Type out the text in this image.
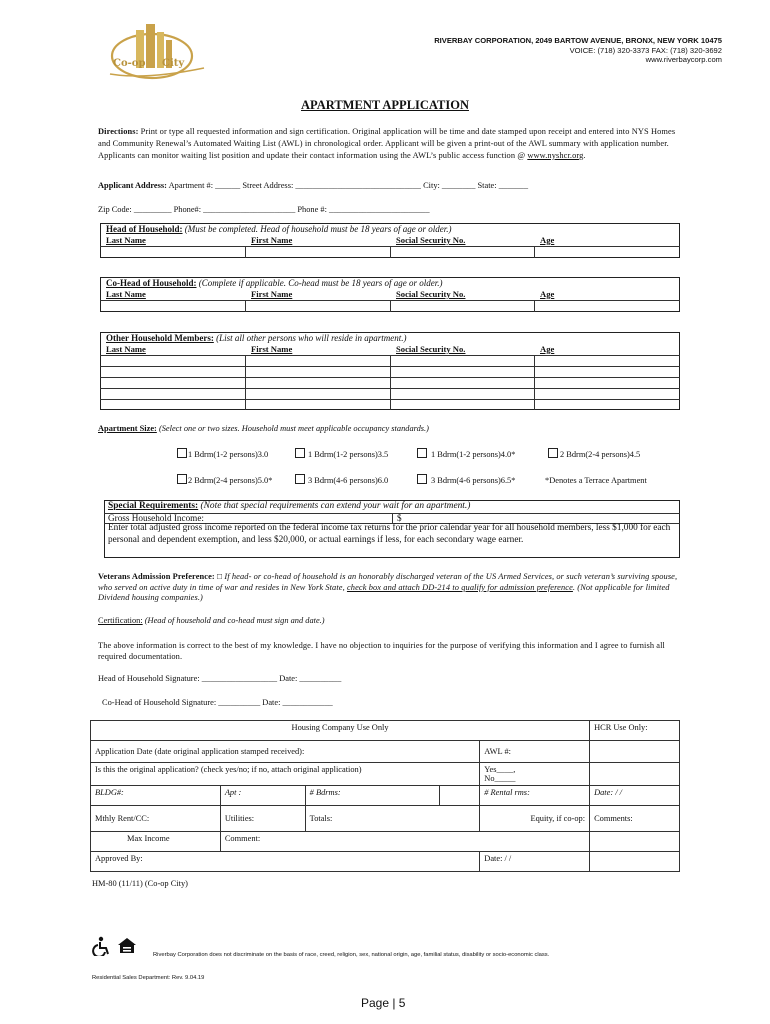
Co-op City
RIVERBAY CORPORATION, 2049 BARTOW AVENUE, BRONX, NEW YORK 10475
VOICE: (718) 320-3373 FAX: (718) 320-3692
www.riverbaycorp.com
APARTMENT APPLICATION
Directions: Print or type all requested information and sign certification. Original application will be time and date stamped upon receipt and entered into NYS Homes and Community Renewal’s Automated Waiting List (AWL) in chronological order. Applicant will be given a print-out of the AWL summary with application number. Applicants can monitor waiting list position and update their contact information using the AWL’s public access function @ www.nyshcr.org.
Applicant Address: Apartment #: ______ Street Address: ______________________________ City: ________ State: _______
Zip Code: _________ Phone#: ______________________ Phone #: ________________________
Head of Household: (Must be completed. Head of household must be 18 years of age or older.)
Last Name	First Name	Social Security No.	Age
Co-Head of Household: (Complete if applicable. Co-head must be 18 years of age or older.)
Last Name	First Name	Social Security No.	Age
Other Household Members: (List all other persons who will reside in apartment.)
Last Name	First Name	Social Security No.	Age
Apartment Size: (Select one or two sizes. Household must meet applicable occupancy standards.)
1 Bdrm(1-2 persons)3.0	1 Bdrm(1-2 persons)3.5	1 Bdrm(1-2 persons)4.0*	2 Bdrm(2-4 persons)4.5
2 Bdrm(2-4 persons)5.0*	3 Bdrm(4-6 persons)6.0	3 Bdrm(4-6 persons)6.5*	*Denotes a Terrace Apartment
Special Requirements: (Note that special requirements can extend your wait for an apartment.)
Gross Household Income:	$
Enter total adjusted gross income reported on the federal income tax returns for the prior calendar year for all household members, less $1,000 for each personal and dependent exemption, and less $20,000, or actual earnings if less, for each secondary wage earner.
Veterans Admission Preference: □ If head- or co-head of household is an honorably discharged veteran of the US Armed Services, or such veteran’s surviving spouse, who served on active duty in time of war and resides in New York State, check box and attach DD-214 to qualify for admission preference. (Not applicable for limited Dividend housing companies.)
Certification: (Head of household and co-head must sign and date.)
The above information is correct to the best of my knowledge. I have no objection to inquiries for the purpose of verifying this information and I agree to furnish all required documentation.
Head of Household Signature: __________________ Date: __________
Co-Head of Household Signature: __________ Date: ____________
Housing Company Use Only					HCR Use Only:
Application Date (date original application stamped received):				AWL #:	
Is this the original application? (check yes/no; if no, attach original application)				Yes____,
No_____	
BLDG#:	Apt :	# Bdrms:		# Rental rms:	Date: / /
Mthly Rent/CC:	Utilities:	Totals:		Equity, if co-op:	Comments:
Max Income	Comment:				
Approved By:				Date: / /	
HM-80 (11/11) (Co-op City)
Riverbay Corporation does not discriminate on the basis of race, creed, religion, sex, national origin, age, familial status, disability or socio-economic class.
Residential Sales Department: Rev. 9.04.19
Page | 5
